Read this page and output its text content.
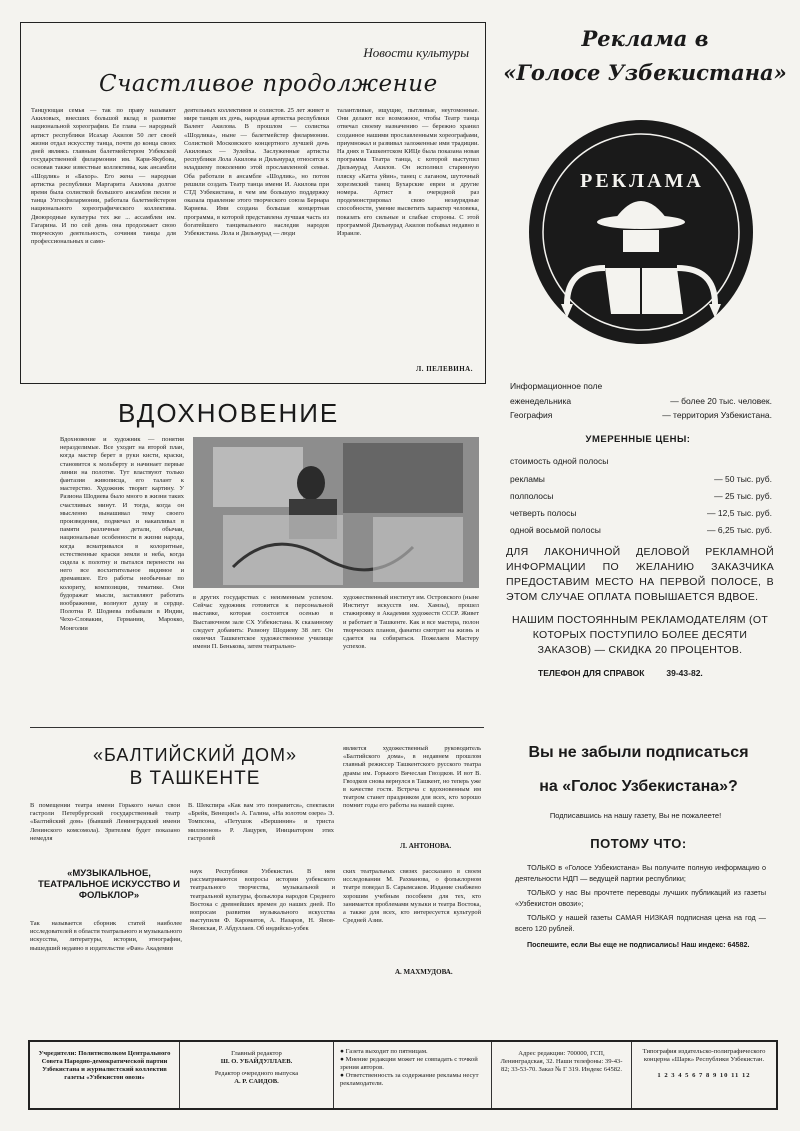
Новости культуры
Счастливое продолжение
Танцующая семья — так по праву называют Акиловых, внесших большой вклад в развитие национальной хореографии. Ее глава — народный артист республики Исахар Акилов 50 лет своей жизни отдал искусству танца, почти до конца своих дней являясь главным балетмейстером Узбекской государственной филармонии им. Кари-Якубова, основав также известные коллективы, как ансамбли «Шодлик» и «Бахор». Его жена — народная артистка республики Маргарита Акилова долгое время была солисткой большого ансамбля песни и танца Узгосфилармонии, работала балетмейстером национального хореографического коллектива. Двоюродные культуры тех же ... ассамблеи им. Гагарина. И по сей день она продолжает свою творческую деятельность, сочиняя танцы для профессиональных и само-
деятельных коллективов и солистов. 25 лет живет в мире танцев их дочь, народная артистка республики Валент Акилова. В прошлом — солистка «Шодлика», ныне — балетмейстер филармонии. Солисткой Московского концертного лучшей дочь Акиловых — Зулейха. Заслуженные артисты республики Лола Акилова и Дильмурад относятся к младшему поколению этой прославленной семьи. Оба работали в ансамбле «Шодлик», но потом решили создать Театр танца имени И. Акилова при СТД Узбекистана, в чем им большую поддержку оказала правление этого творческого союза Бернара Кариева. Ими создана большая концертная программа, в которой представлена лучшая часть из богатейшего танцевального наследия народов Узбекистана. Лола и Дильмурад — люди
талантливые, ищущие, пытливые, неугомонные. Они делают все возможное, чтобы Театр танца отвечал своему назначению — бережно хранил созданное нашими прославленными хореографами, приумножал и развивал заложенные ими традиции. На днях в Ташкентском КИЦе была показана новая программа Театра танца, с которой выступил Дильмурад Акилов. Он исполнил старинную пляску «Катта уйин», танец с лаганом, шуточный хорезмский танец Бухарские евреи и другие номера. Артист в очередной раз продемонстрировал свою незаурядные способности, умение высветить характер человека, показать его сильные и слабые стороны. С этой программой Дильмурад Акилов побывал недавно в Израиле.
Л. ПЕЛЕВИНА.
ВДОХНОВЕНИЕ
Вдохновение и художник — понятия неразделимые. Все уходит на второй план, когда мастер берет в руки кисти, краски, становится к мольберту и начинает первые линии на полотне. Тут властвуют только фантазия живописца, его талант к мастерство. Художник творит картину. У Разиона Шодиева было много в жизни таких счастливых минут. И тогда, когда он мысленно вынашивал тему своего произведения, подмечал и накапливал в памяти различные детали, обычаи, национальные особенности в жизни народа, когда всматривался в колоритные, естественные краски земли и неба, когда сидела к полотну и пытался перенести на него все восхитительное видимое и дремавшее. Его работы необычные по колориту, композиции, тематике. Они будоражат мысли, заставляют работать воображение, волнуют душу и сердце. Полотна Р. Шодиева побывали в Индии, Чехо-Словакии, Германии, Марокко, Монголии
в других государствах с неизменным успехом. Сейчас художник готовится к персональной выставке, которая состоится осенью в Выставочном зале СХ Узбекистана. К сказанному следует добавить: Разиону Шодиеву 38 лет. Он окончил Ташкентское художественное училище имени П. Бенькова, затем театрально-
художественный институт им. Островского (ныне Институт искусств им. Хамзы), прошел стажировку в Академии художеств СССР. Живет и работает в Ташкенте. Как и все мастера, полон творческих планов, фанатиз смотрит на жизнь и сдается на собираться. Пожелаем Мастеру успехов.
«БАЛТИЙСКИЙ ДОМ»
В ТАШКЕНТЕ
В помещении театра имени Горького начал свои гастроли Петербургский государственный театр «Балтийский дом» (бывший Ленинградский имени Ленинского комсомола). Зрителям будет показано немедля
В. Шекспира «Как вам это понравится», спектакли «Брейк, Венеция!» А. Галина, «На золотом озере» Э. Томпсона, «Петушок «Вершинин» и триста миллионов» Р. Лацурев, Инициатором этих гастролей
является художественный руководитель «Балтийского дома», в недавнем прошлом главный режиссер Ташкентского русского театра драмы им. Горького Вячеслав Гвоздков. И вот В. Гвоздков снова вернулся в Ташкент, но теперь уже в качестве гостя. Встреча с вдохновенным им театром станет праздником для всех, кто хорошо помнит годы его работы на нашей сцене.
Л. АНТОНОВА.
«МУЗЫКАЛЬНОЕ, ТЕАТРАЛЬНОЕ ИСКУССТВО И ФОЛЬКЛОР»
Так называется сборник статей наиболее исследователей в области театрального и музыкального искусства, литературы, истории, этнографии, вышедший недавно в издательстве «Фан» Академии
наук Республики Узбекистан. В нем рассматриваются вопросы истории узбекского театрального творчества, музыкальной и театральной культуры, фольклора народов Среднего Востока с древнейших времен до наших дней. По вопросам развития музыкального искусства выступили Ф. Кароматов, А. Назаров, Н. Янов-Яновская, Р. Абдуллаев. Об индийско-узбек
ских театральных связях рассказано в своем исследовании М. Рахманова, о фольклорном театре поведал Б. Сарымсаков. Издание снабжено хорошим учебным пособием для тех, кто занимается проблемами музыки и театра Востока, а также для всех, кто интересуется культурой Средней Азии.
А. МАХМУДОВА.
Реклама в
«Голосе Узбекистана»
РЕКЛАМА
Информационное поле
еженедельника	— более 20 тыс. человек.
География	— территория Узбекистана.
УМЕРЕННЫЕ ЦЕНЫ:
стоимость одной полосы
рекламы	— 50 тыс. руб.
полполосы	— 25 тыс. руб.
четверть полосы	— 12,5 тыс. руб.
одной восьмой полосы	— 6,25 тыс. руб.
ДЛЯ ЛАКОНИЧНОЙ ДЕЛОВОЙ РЕКЛАМНОЙ ИНФОРМАЦИИ ПО ЖЕЛАНИЮ ЗАКАЗЧИКА ПРЕДОСТАВИМ МЕСТО НА ПЕРВОЙ ПОЛОСЕ, В ЭТОМ СЛУЧАЕ ОПЛАТА ПОВЫШАЕТСЯ ВДВОЕ.
НАШИМ ПОСТОЯННЫМ РЕКЛАМОДАТЕЛЯМ (ОТ КОТОРЫХ ПОСТУПИЛО БОЛЕЕ ДЕСЯТИ ЗАКАЗОВ) — СКИДКА 20 ПРОЦЕНТОВ.
ТЕЛЕФОН ДЛЯ СПРАВОК	39-43-82.
Вы не забыли подписаться
на «Голос Узбекистана»?
Подписавшись на нашу газету, Вы не пожалеете!
ПОТОМУ ЧТО:
ТОЛЬКО в «Голосе Узбекистана» Вы получите полную информацию о деятельности НДП — ведущей партии республики;
ТОЛЬКО у нас Вы прочтете переводы лучших публикаций из газеты «Узбекистон овози»;
ТОЛЬКО у нашей газеты САМАЯ НИЗКАЯ подписная цена на год — всего 120 рублей.
Поспешите, если Вы еще не подписались! Наш индекс: 64582.
Учредители: Политисполком Центрального Совета Народно-демократической партии Узбекистана и журналистский коллектив газеты «Узбекистон овози»
Главный редактор
Ш. О. УБАЙДУЛЛАЕВ.
Редактор очередного выпуска
А. Р. САИДОВ.
● Газета выходит по пятницам.
● Мнение редакции может не совпадать с точкой зрения авторов.
● Ответственность за содержание рекламы несут рекламодатели.
Адрес редакции: 700000, ГСП, Ленинградская, 32. Наши телефоны: 39-43-82; 33-53-70. Заказ № Г 319. Индекс 64582.
Типография издательско-полиграфического концерна «Шарк» Республики Узбекистан.
1 2 3 4 5 6 7 8 9 10 11 12
